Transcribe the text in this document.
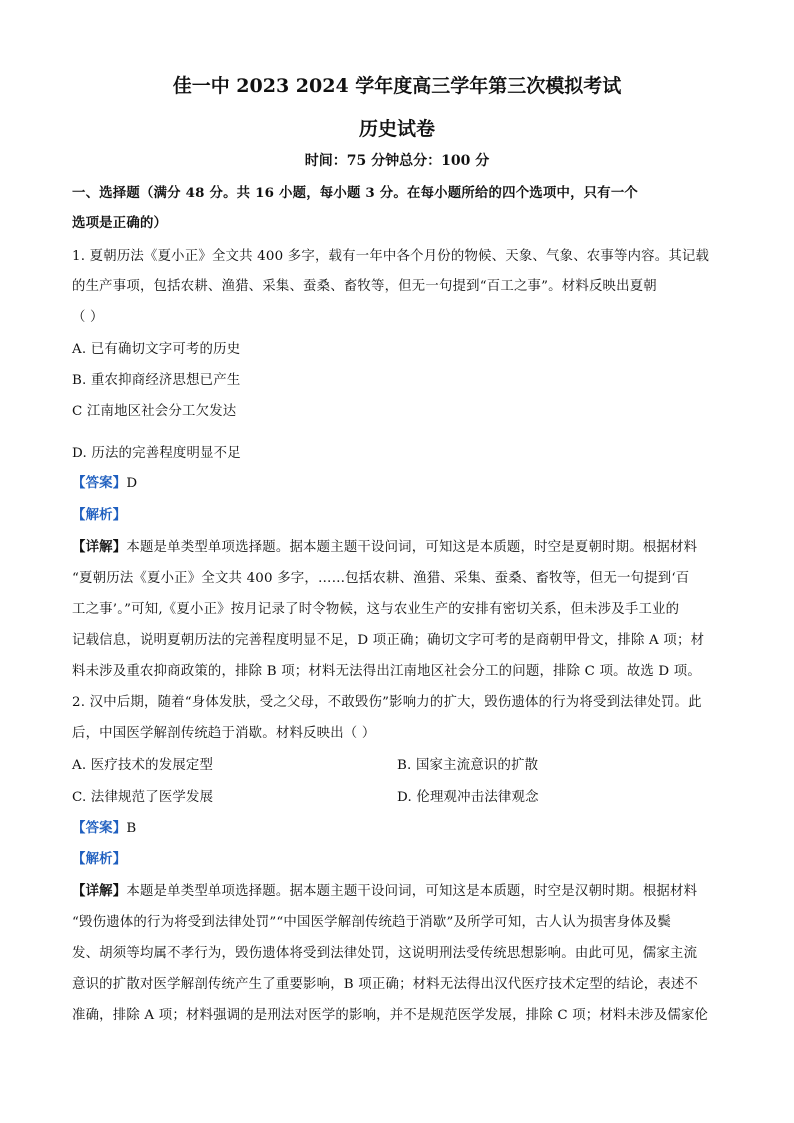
佳一中 2023 2024 学年度高三学年第三次模拟考试
历史试卷
时间：75 分钟总分：100 分
一、选择题（满分 48 分。共 16 小题，每小题 3 分。在每小题所给的四个选项中，只有一个
选项是正确的）
1. 夏朝历法《夏小正》全文共 400 多字，载有一年中各个月份的物候、天象、气象、农事等内容。其记载
的生产事项，包括农耕、渔猎、采集、蚕桑、畜牧等，但无一句提到“百工之事”。材料反映出夏朝
（ ）
A. 已有确切文字可考的历史
B. 重农抑商经济思想已产生
C 江南地区社会分工欠发达
D. 历法的完善程度明显不足
【答案】D
【解析】
【详解】本题是单类型单项选择题。据本题主题干设问词，可知这是本质题，时空是夏朝时期。根据材料
“夏朝历法《夏小正》全文共 400 多字，……包括农耕、渔猎、采集、蚕桑、畜牧等，但无一句提到‘百
工之事’。”可知,《夏小正》按月记录了时令物候，这与农业生产的安排有密切关系，但未涉及手工业的
记载信息，说明夏朝历法的完善程度明显不足，D 项正确；确切文字可考的是商朝甲骨文，排除 A 项；材
料未涉及重农抑商政策的，排除 B 项；材料无法得出江南地区社会分工的问题，排除 C 项。故选 D 项。
2. 汉中后期，随着“身体发肤，受之父母，不敢毁伤”影响力的扩大，毁伤遗体的行为将受到法律处罚。此
后，中国医学解剖传统趋于消歇。材料反映出（ ）
A. 医疗技术的发展定型	B. 国家主流意识的扩散
C. 法律规范了医学发展	D. 伦理观冲击法律观念
【答案】B
【解析】
【详解】本题是单类型单项选择题。据本题主题干设问词，可知这是本质题，时空是汉朝时期。根据材料
“毁伤遗体的行为将受到法律处罚”“中国医学解剖传统趋于消歇”及所学可知，古人认为损害身体及鬓
发、胡须等均属不孝行为，毁伤遗体将受到法律处罚，这说明刑法受传统思想影响。由此可见，儒家主流
意识的扩散对医学解剖传统产生了重要影响，B 项正确；材料无法得出汉代医疗技术定型的结论，表述不
准确，排除 A 项；材料强调的是刑法对医学的影响，并不是规范医学发展，排除 C 项；材料未涉及儒家伦
